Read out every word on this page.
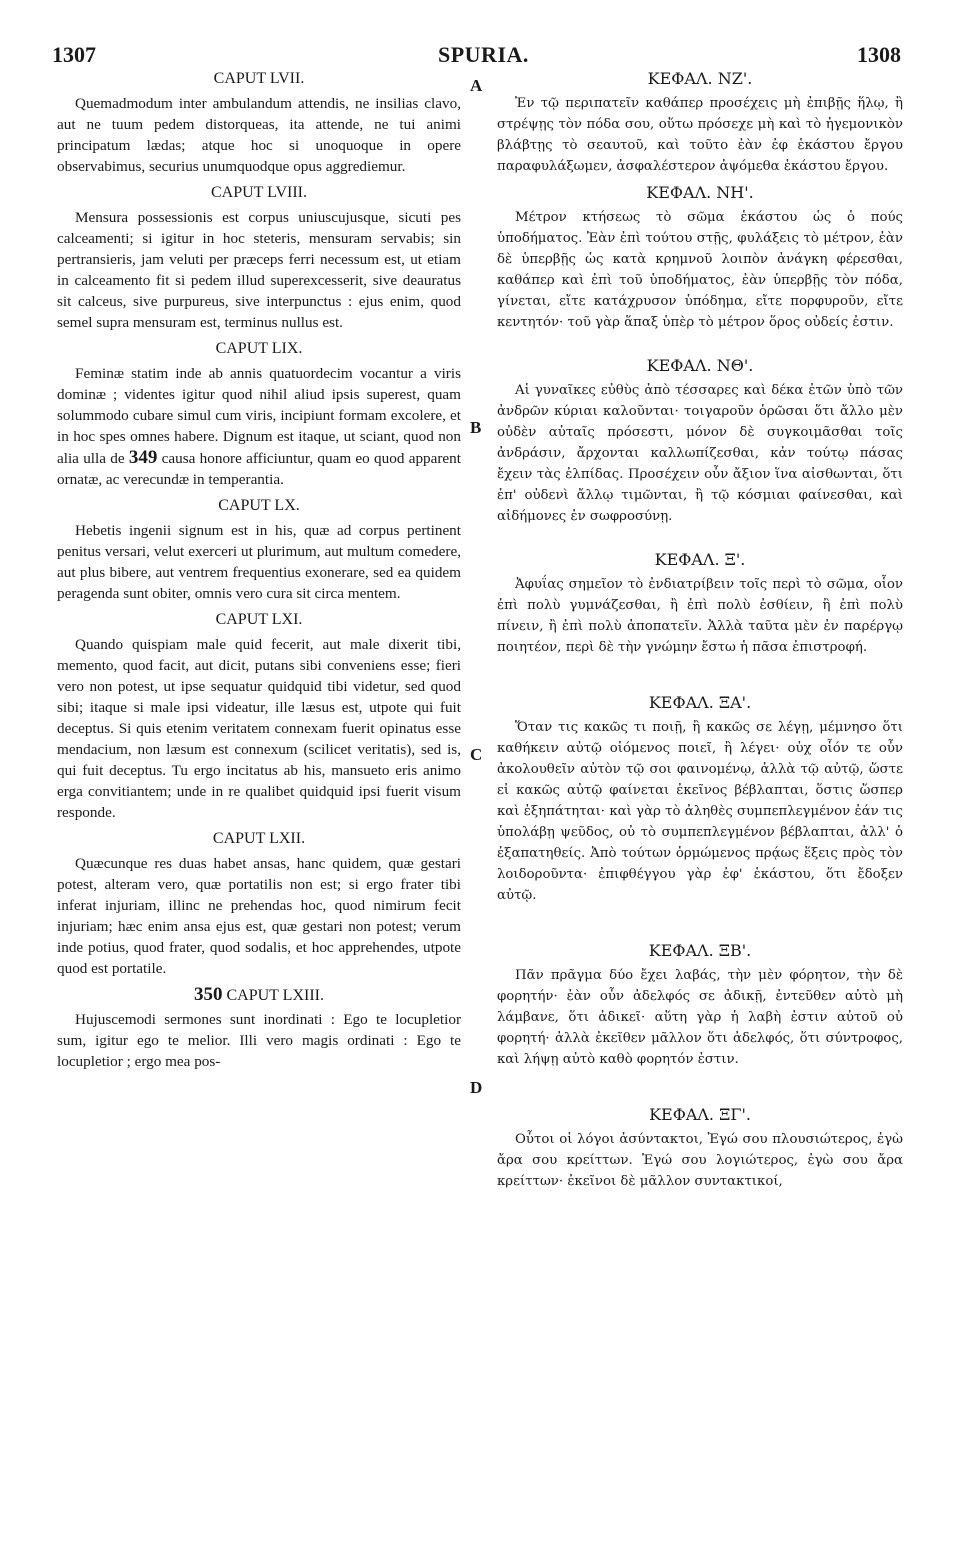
1307	SPURIA.	1308
A
B
C
D
CAPUT LVII.

Quemadmodum inter ambulandum attendis, ne insilias clavo, aut ne tuum pedem distorqueas, ita attende, ne tui animi principatum lædas; atque hoc si unoquoque in opere observabimus, securius unumquodque opus aggrediemur.

CAPUT LVIII.

Mensura possessionis est corpus uniuscujusque, sicuti pes calceamenti; si igitur in hoc steteris, mensuram servabis; sin pertransieris, jam veluti per præceps ferri necessum est, ut etiam in calceamento fit si pedem illud superexcesserit, sive deauratus sit calceus, sive purpureus, sive interpunctus : ejus enim, quod semel supra mensuram est, terminus nullus est.

CAPUT LIX.

Feminæ statim inde ab annis quatuordecim vocantur a viris dominæ ; videntes igitur quod nihil aliud ipsis superest, quam solummodo cubare simul cum viris, incipiunt formam excolere, et in hoc spes omnes habere. Dignum est itaque, ut sciant, quod non alia ulla de 349 causa honore afficiuntur, quam eo quod apparent ornatæ, ac verecundæ in temperantia.

CAPUT LX.

Hebetis ingenii signum est in his, quæ ad corpus pertinent penitus versari, velut exerceri ut plurimum, aut multum comedere, aut plus bibere, aut ventrem frequentius exonerare, sed ea quidem peragenda sunt obiter, omnis vero cura sit circa mentem.

CAPUT LXI.

Quando quispiam male quid fecerit, aut male dixerit tibi, memento, quod facit, aut dicit, putans sibi conveniens esse; fieri vero non potest, ut ipse sequatur quidquid tibi videtur, sed quod sibi; itaque si male ipsi videatur, ille læsus est, utpote qui fuit deceptus. Si quis etenim veritatem connexam fuerit opinatus esse mendacium, non læsum est connexum (scilicet veritatis), sed is, qui fuit deceptus. Tu ergo incitatus ab his, mansueto eris animo erga convitiantem; unde in re qualibet quidquid ipsi fuerit visum responde.

CAPUT LXII.

Quæcunque res duas habet ansas, hanc quidem, quæ gestari potest, alteram vero, quæ portatilis non est; si ergo frater tibi inferat injuriam, illinc ne prehendas hoc, quod nimirum fecit injuriam; hæc enim ansa ejus est, quæ gestari non potest; verum inde potius, quod frater, quod sodalis, et hoc apprehendes, utpote quod est portatile.

350 CAPUT LXIII.

Hujuscemodi sermones sunt inordinati : Ego te locupletior sum, igitur ego te melior. Illi vero magis ordinati : Ego te locupletior ; ergo mea pos-

ΚΕΦΑΛ. ΝΖ'.

Ἐν τῷ περιπατεῖν καθάπερ προσέχεις μὴ ἐπιβῇς ἥλῳ, ἢ στρέψῃς τὸν πόδα σου, οὕτω πρόσεχε μὴ καὶ τὸ ἡγεμονικὸν βλάβτῃς τὸ σεαυτοῦ, καὶ τοῦτο ἐὰν ἐφ ἑκάστου ἔργου παραφυλάξωμεν, ἀσφαλέστερον ἀψόμεθα ἑκάστου ἔργου.

ΚΕΦΑΛ. ΝΗ'.

Μέτρον κτήσεως τὸ σῶμα ἑκάστου ὡς ὁ πούς ὑποδήματος. Ἐὰν ἐπὶ τούτου στῇς, φυλάξεις τὸ μέτρον, ἐὰν δὲ ὑπερβῇς ὡς κατὰ κρημνοῦ λοιπὸν ἀνάγκη φέρεσθαι, καθάπερ καὶ ἐπὶ τοῦ ὑποδήματος, ἐὰν ὑπερβῇς τὸν πόδα, γίνεται, εἴτε κατάχρυσον ὑπόδημα, εἴτε πορφυροῦν, εἴτε κεντητόν· τοῦ γὰρ ἅπαξ ὑπὲρ τὸ μέτρον ὅρος οὐδείς ἐστιν.

ΚΕΦΑΛ. ΝΘ'.

Αἱ γυναῖκες εὐθὺς ἀπὸ τέσσαρες καὶ δέκα ἐτῶν ὑπὸ τῶν ἀνδρῶν κύριαι καλοῦνται· τοιγαροῦν ὁρῶσαι ὅτι ἄλλο μὲν οὐδὲν αὐταῖς πρόσεστι, μόνον δὲ συγκοιμᾶσθαι τοῖς ἀνδράσιν, ἄρχονται καλλωπίζεσθαι, κἀν τούτῳ πάσας ἔχειν τὰς ἐλπίδας. Προσέχειν οὖν ἄξιον ἵνα αἰσθωνται, ὅτι ἐπ' οὐδενὶ ἄλλῳ τιμῶνται, ἢ τῷ κόσμιαι φαίνεσθαι, καὶ αἰδήμονες ἐν σωφροσύνῃ.

ΚΕΦΑΛ. Ξ'.

Ἀφυΐας σημεῖον τὸ ἐνδιατρίβειν τοῖς περὶ τὸ σῶμα, οἷον ἐπὶ πολὺ γυμνάζεσθαι, ἢ ἐπὶ πολὺ ἐσθίειν, ἢ ἐπὶ πολὺ πίνειν, ἢ ἐπὶ πολὺ ἀποπατεῖν. Ἀλλὰ ταῦτα μὲν ἐν παρέργῳ ποιητέον, περὶ δὲ τὴν γνώμην ἔστω ἡ πᾶσα ἐπιστροφή.

ΚΕΦΑΛ. ΞΑ'.

Ὅταν τις κακῶς τι ποιῇ, ἢ κακῶς σε λέγῃ, μέμνησο ὅτι καθήκειν αὐτῷ οἰόμενος ποιεῖ, ἢ λέγει· οὐχ οἷόν τε οὖν ἀκολουθεῖν αὐτὸν τῷ σοι φαινομένῳ, ἀλλὰ τῷ αὐτῷ, ὥστε εἰ κακῶς αὐτῷ φαίνεται ἐκεῖνος βέβλαπται, ὅστις ὥσπερ καὶ ἐξηπάτηται· καὶ γὰρ τὸ ἀληθὲς συμπεπλεγμένον ἐάν τις ὑπολάβῃ ψεῦδος, οὐ τὸ συμπεπλεγμένον βέβλαπται, ἀλλ' ὁ ἐξαπατηθείς. Ἀπὸ τούτων ὁρμώμενος πρᾴως ἕξεις πρὸς τὸν λοιδοροῦντα· ἐπιφθέγγου γὰρ ἐφ' ἑκάστου, ὅτι ἔδοξεν αὐτῷ.

ΚΕΦΑΛ. ΞΒ'.

Πᾶν πρᾶγμα δύο ἔχει λαβάς, τὴν μὲν φόρητον, τὴν δὲ φορητήν· ἐὰν οὖν ἀδελφός σε ἀδικῇ, ἐντεῦθεν αὐτὸ μὴ λάμβανε, ὅτι ἀδικεῖ· αὕτη γὰρ ἡ λαβὴ ἐστιν αὐτοῦ οὐ φορητή· ἀλλὰ ἐκεῖθεν μᾶλλον ὅτι ἀδελφός, ὅτι σύντροφος, καὶ λήψῃ αὐτὸ καθὸ φορητόν ἐστιν.

ΚΕΦΑΛ. ΞΓ'.

Οὗτοι οἱ λόγοι ἀσύντακτοι, Ἐγώ σου πλουσιώτερος, ἐγὼ ἄρα σου κρείττων. Ἐγώ σου λογιώτερος, ἐγὼ σου ἄρα κρείττων· ἐκεῖνοι δὲ μᾶλλον συντακτικοί,
